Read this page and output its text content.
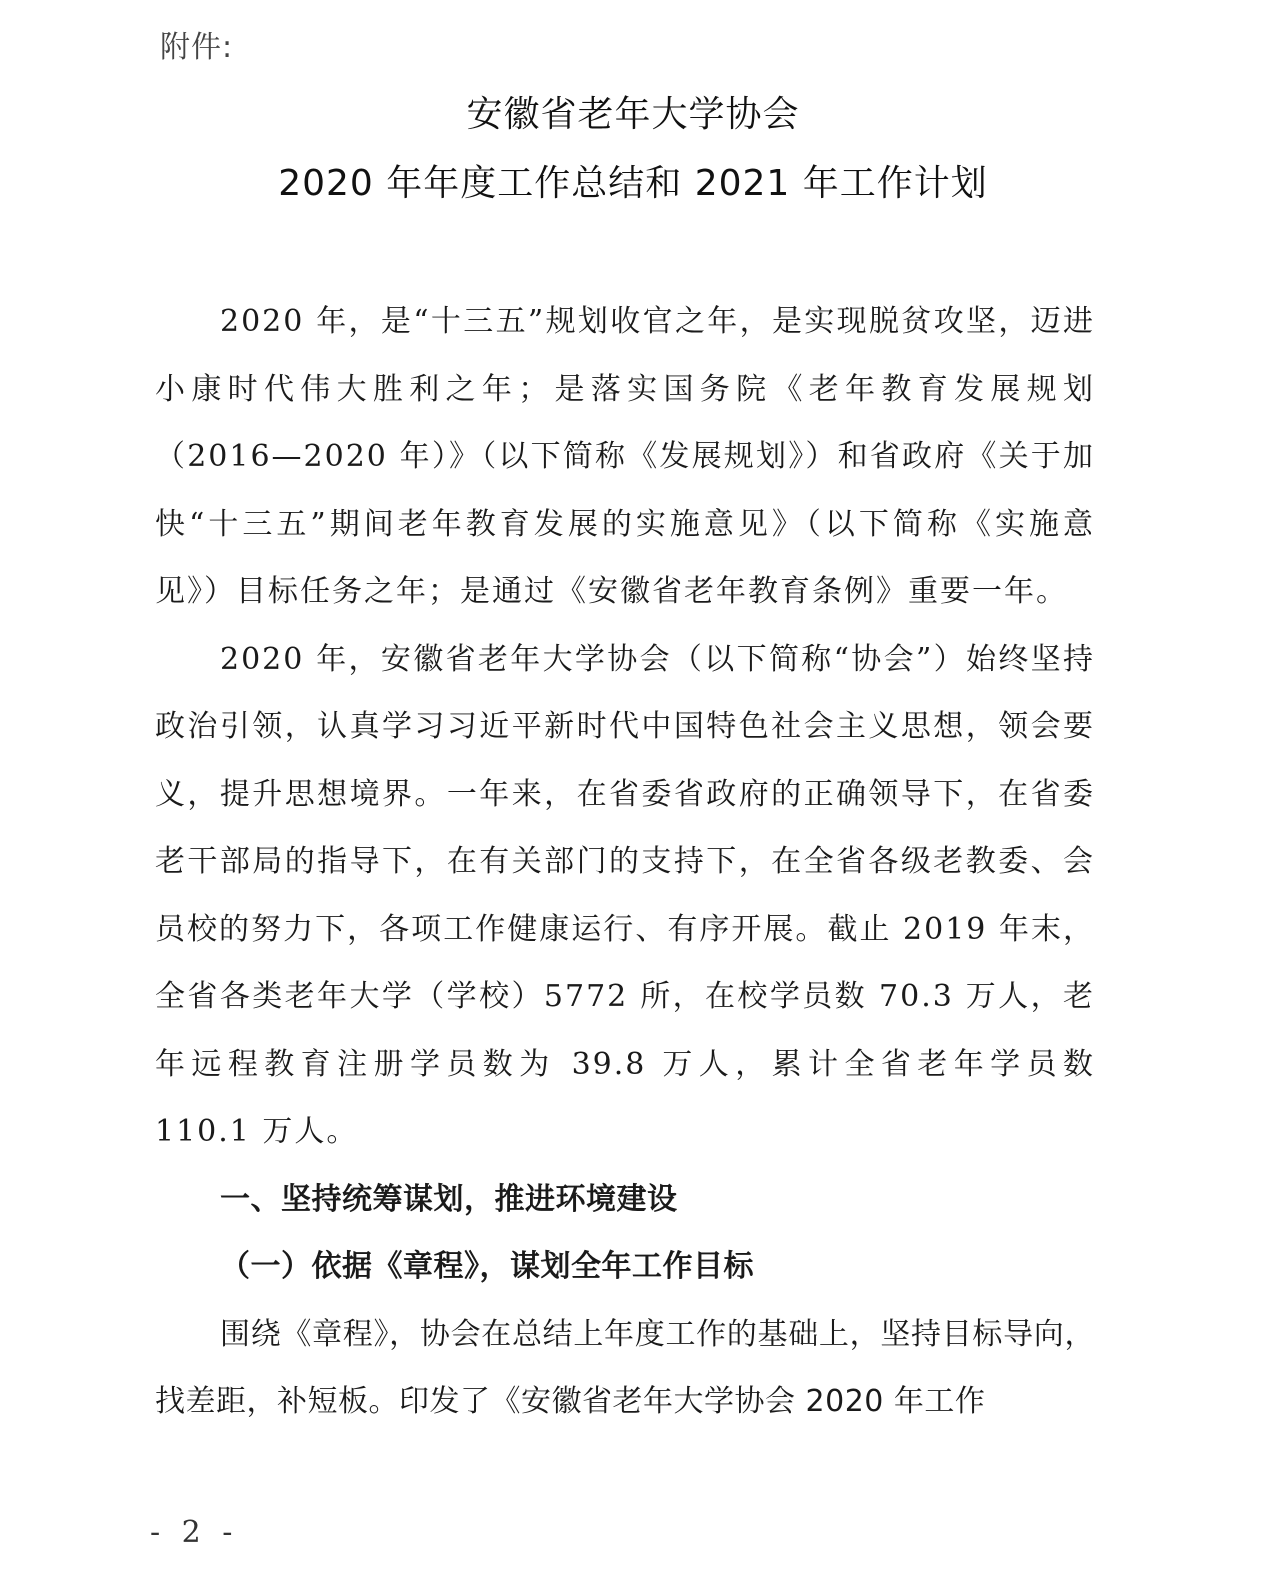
附件:
安徽省老年大学协会
2020 年年度工作总结和 2021 年工作计划

2020 年，是“十三五”规划收官之年，是实现脱贫攻坚，迈进小康时代伟大胜利之年；是落实国务院《老年教育发展规划（2016—2020 年）》（以下简称《发展规划》）和省政府《关于加快“十三五”期间老年教育发展的实施意见》（以下简称《实施意见》）目标任务之年；是通过《安徽省老年教育条例》重要一年。

2020 年，安徽省老年大学协会（以下简称“协会”）始终坚持政治引领，认真学习习近平新时代中国特色社会主义思想，领会要义，提升思想境界。一年来，在省委省政府的正确领导下，在省委老干部局的指导下，在有关部门的支持下，在全省各级老教委、会员校的努力下，各项工作健康运行、有序开展。截止 2019 年末，全省各类老年大学（学校）5772 所，在校学员数 70.3 万人，老年远程教育注册学员数为 39.8 万人，累计全省老年学员数 110.1 万人。

一、坚持统筹谋划，推进环境建设

（一）依据《章程》，谋划全年工作目标

围绕《章程》，协会在总结上年度工作的基础上，坚持目标导向，找差距，补短板。印发了《安徽省老年大学协会 2020 年工作

- 2 -
